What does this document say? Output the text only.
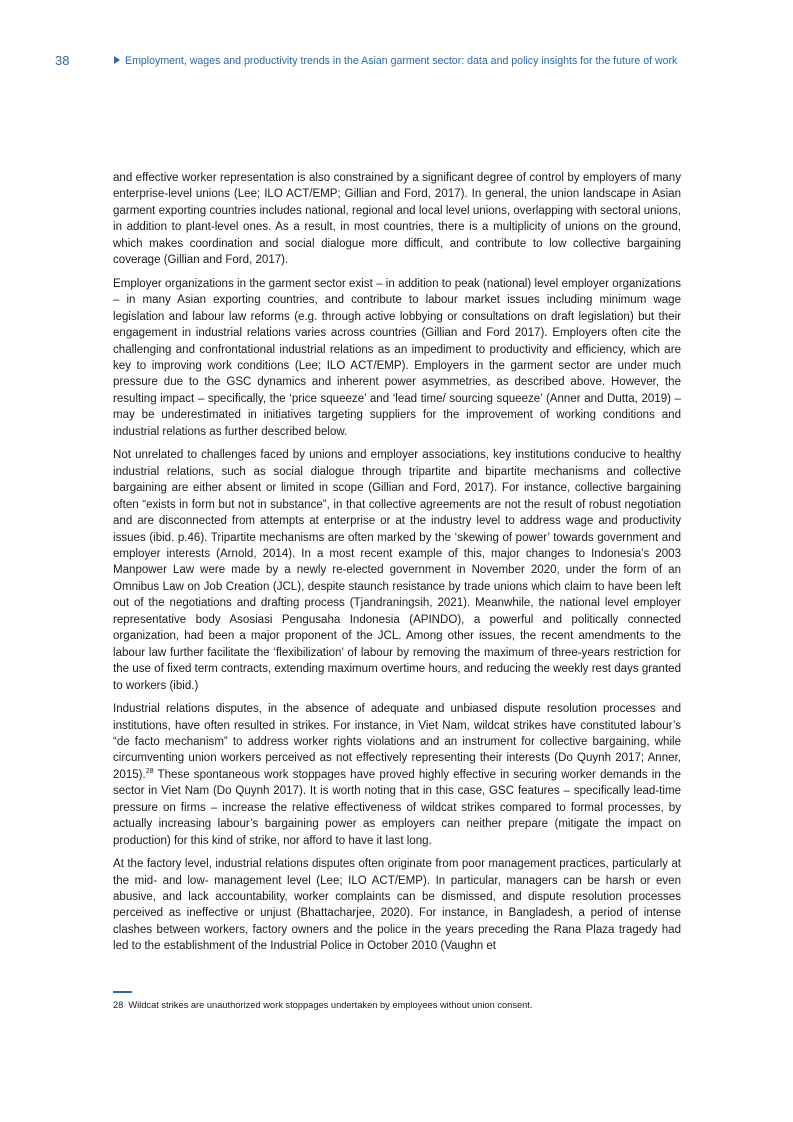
38	Employment, wages and productivity trends in the Asian garment sector: data and policy insights for the future of work

and effective worker representation is also constrained by a significant degree of control by employers of many enterprise-level unions (Lee; ILO ACT/EMP; Gillian and Ford, 2017). In general, the union landscape in Asian garment exporting countries includes national, regional and local level unions, overlapping with sectoral unions, in addition to plant-level ones. As a result, in most countries, there is a multiplicity of unions on the ground, which makes coordination and social dialogue more difficult, and contribute to low collective bargaining coverage (Gillian and Ford, 2017).

Employer organizations in the garment sector exist – in addition to peak (national) level employer organizations – in many Asian exporting countries, and contribute to labour market issues including minimum wage legislation and labour law reforms (e.g. through active lobbying or consultations on draft legislation) but their engagement in industrial relations varies across countries (Gillian and Ford 2017). Employers often cite the challenging and confrontational industrial relations as an impediment to productivity and efficiency, which are key to improving work conditions (Lee; ILO ACT/EMP). Employers in the garment sector are under much pressure due to the GSC dynamics and inherent power asymmetries, as described above. However, the resulting impact – specifically, the ‘price squeeze’ and ‘lead time/ sourcing squeeze’ (Anner and Dutta, 2019) – may be underestimated in initiatives targeting suppliers for the improvement of working conditions and industrial relations as further described below.

Not unrelated to challenges faced by unions and employer associations, key institutions conducive to healthy industrial relations, such as social dialogue through tripartite and bipartite mechanisms and collective bargaining are either absent or limited in scope (Gillian and Ford, 2017). For instance, collective bargaining often “exists in form but not in substance”, in that collective agreements are not the result of robust negotiation and are disconnected from attempts at enterprise or at the industry level to address wage and productivity issues (ibid. p.46). Tripartite mechanisms are often marked by the ‘skewing of power’ towards government and employer interests (Arnold, 2014). In a most recent example of this, major changes to Indonesia’s 2003 Manpower Law were made by a newly re-elected government in November 2020, under the form of an Omnibus Law on Job Creation (JCL), despite staunch resistance by trade unions which claim to have been left out of the negotiations and drafting process (Tjandraningsih, 2021). Meanwhile, the national level employer representative body Asosiasi Pengusaha Indonesia (APINDO), a powerful and politically connected organization, had been a major proponent of the JCL. Among other issues, the recent amendments to the labour law further facilitate the ‘flexibilization’ of labour by removing the maximum of three-years restriction for the use of fixed term contracts, extending maximum overtime hours, and reducing the weekly rest days granted to workers (ibid.)

Industrial relations disputes, in the absence of adequate and unbiased dispute resolution processes and institutions, have often resulted in strikes. For instance, in Viet Nam, wildcat strikes have constituted labour’s “de facto mechanism” to address worker rights violations and an instrument for collective bargaining, while circumventing union workers perceived as not effectively representing their interests (Do Quynh 2017; Anner, 2015).$^{28}$ These spontaneous work stoppages have proved highly effective in securing worker demands in the sector in Viet Nam (Do Quynh 2017). It is worth noting that in this case, GSC features – specifically lead-time pressure on firms – increase the relative effectiveness of wildcat strikes compared to formal processes, by actually increasing labour’s bargaining power as employers can neither prepare (mitigate the impact on production) for this kind of strike, nor afford to have it last long.

At the factory level, industrial relations disputes often originate from poor management practices, particularly at the mid- and low- management level (Lee; ILO ACT/EMP). In particular, managers can be harsh or even abusive, and lack accountability, worker complaints can be dismissed, and dispute resolution processes perceived as ineffective or unjust (Bhattacharjee, 2020). For instance, in Bangladesh, a period of intense clashes between workers, factory owners and the police in the years preceding the Rana Plaza tragedy had led to the establishment of the Industrial Police in October 2010 (Vaughn et

28 Wildcat strikes are unauthorized work stoppages undertaken by employees without union consent.
